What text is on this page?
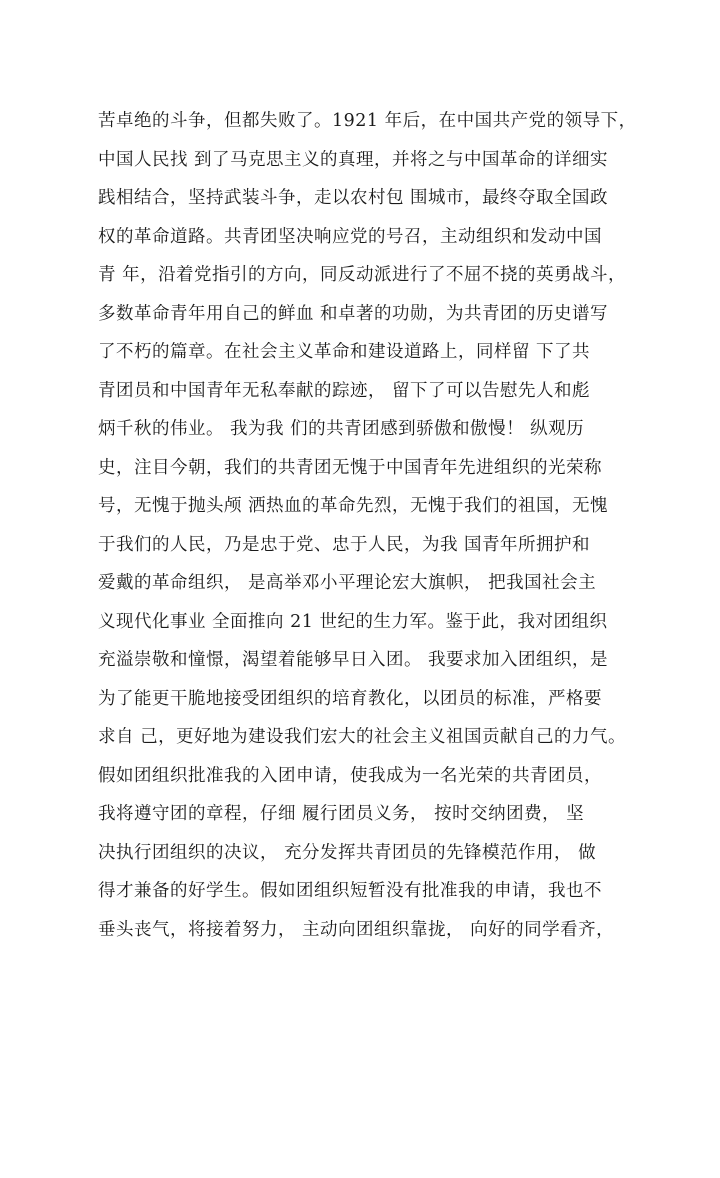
苦卓绝的斗争，但都失败了。1921 年后，在中国共产党的领导下，
中国人民找 到了马克思主义的真理，并将之与中国革命的详细实
践相结合，坚持武装斗争，走以农村包 围城市，最终夺取全国政
权的革命道路。共青团坚决响应党的号召，主动组织和发动中国
青 年，沿着党指引的方向，同反动派进行了不屈不挠的英勇战斗，
多数革命青年用自己的鲜血 和卓著的功勋，为共青团的历史谱写
了不朽的篇章。在社会主义革命和建设道路上，同样留 下了共
青团员和中国青年无私奉献的踪迹， 留下了可以告慰先人和彪
炳千秋的伟业。 我为我 们的共青团感到骄傲和傲慢！ 纵观历
史，注目今朝，我们的共青团无愧于中国青年先进组织的光荣称
号，无愧于抛头颅 洒热血的革命先烈，无愧于我们的祖国，无愧
于我们的人民，乃是忠于党、忠于人民，为我 国青年所拥护和
爱戴的革命组织， 是高举邓小平理论宏大旗帜， 把我国社会主
义现代化事业 全面推向 21 世纪的生力军。鉴于此，我对团组织
充溢崇敬和憧憬，渴望着能够早日入团。 我要求加入团组织，是
为了能更干脆地接受团组织的培育教化，以团员的标准，严格要
求自 己，更好地为建设我们宏大的社会主义祖国贡献自己的力气。
假如团组织批准我的入团申请，使我成为一名光荣的共青团员，
我将遵守团的章程，仔细 履行团员义务， 按时交纳团费， 坚
决执行团组织的决议， 充分发挥共青团员的先锋模范作用， 做
得才兼备的好学生。假如团组织短暂没有批准我的申请，我也不
垂头丧气，将接着努力， 主动向团组织靠拢， 向好的同学看齐，
